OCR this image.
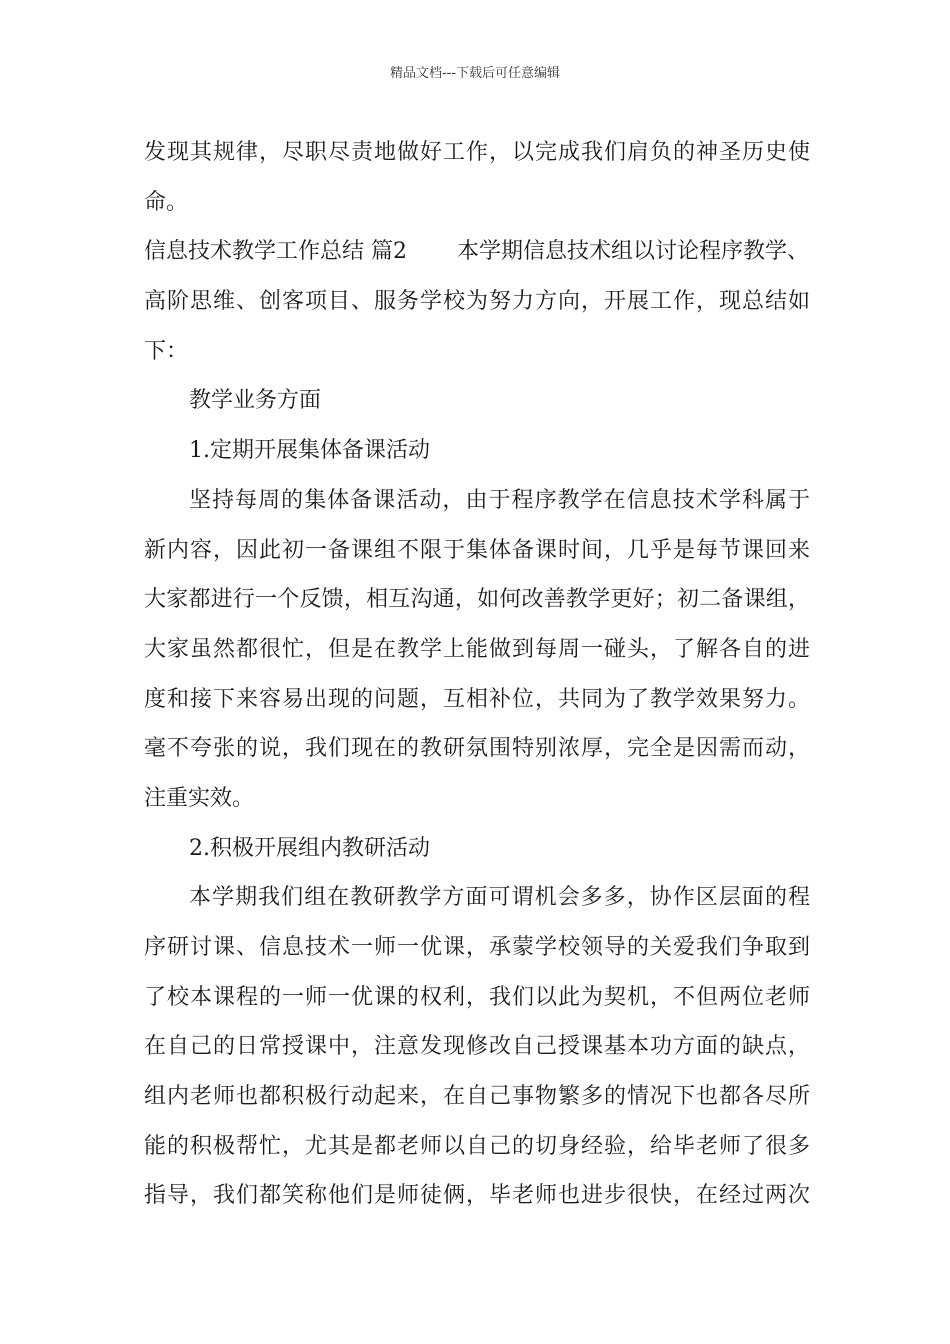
精品文档---下载后可任意编辑
发现其规律，尽职尽责地做好工作，以完成我们肩负的神圣历史使
命。
信息技术教学工作总结 篇2 本学期信息技术组以讨论程序教学、
高阶思维、创客项目、服务学校为努力方向，开展工作，现总结如
下：
教学业务方面
1.定期开展集体备课活动
坚持每周的集体备课活动，由于程序教学在信息技术学科属于
新内容，因此初一备课组不限于集体备课时间，几乎是每节课回来
大家都进行一个反馈，相互沟通，如何改善教学更好；初二备课组，
大家虽然都很忙，但是在教学上能做到每周一碰头，了解各自的进
度和接下来容易出现的问题，互相补位，共同为了教学效果努力。
毫不夸张的说，我们现在的教研氛围特别浓厚，完全是因需而动，
注重实效。
2.积极开展组内教研活动
本学期我们组在教研教学方面可谓机会多多，协作区层面的程
序研讨课、信息技术一师一优课，承蒙学校领导的关爱我们争取到
了校本课程的一师一优课的权利，我们以此为契机，不但两位老师
在自己的日常授课中，注意发现修改自己授课基本功方面的缺点，
组内老师也都积极行动起来，在自己事物繁多的情况下也都各尽所
能的积极帮忙，尤其是都老师以自己的切身经验，给毕老师了很多
指导，我们都笑称他们是师徒俩，毕老师也进步很快，在经过两次
